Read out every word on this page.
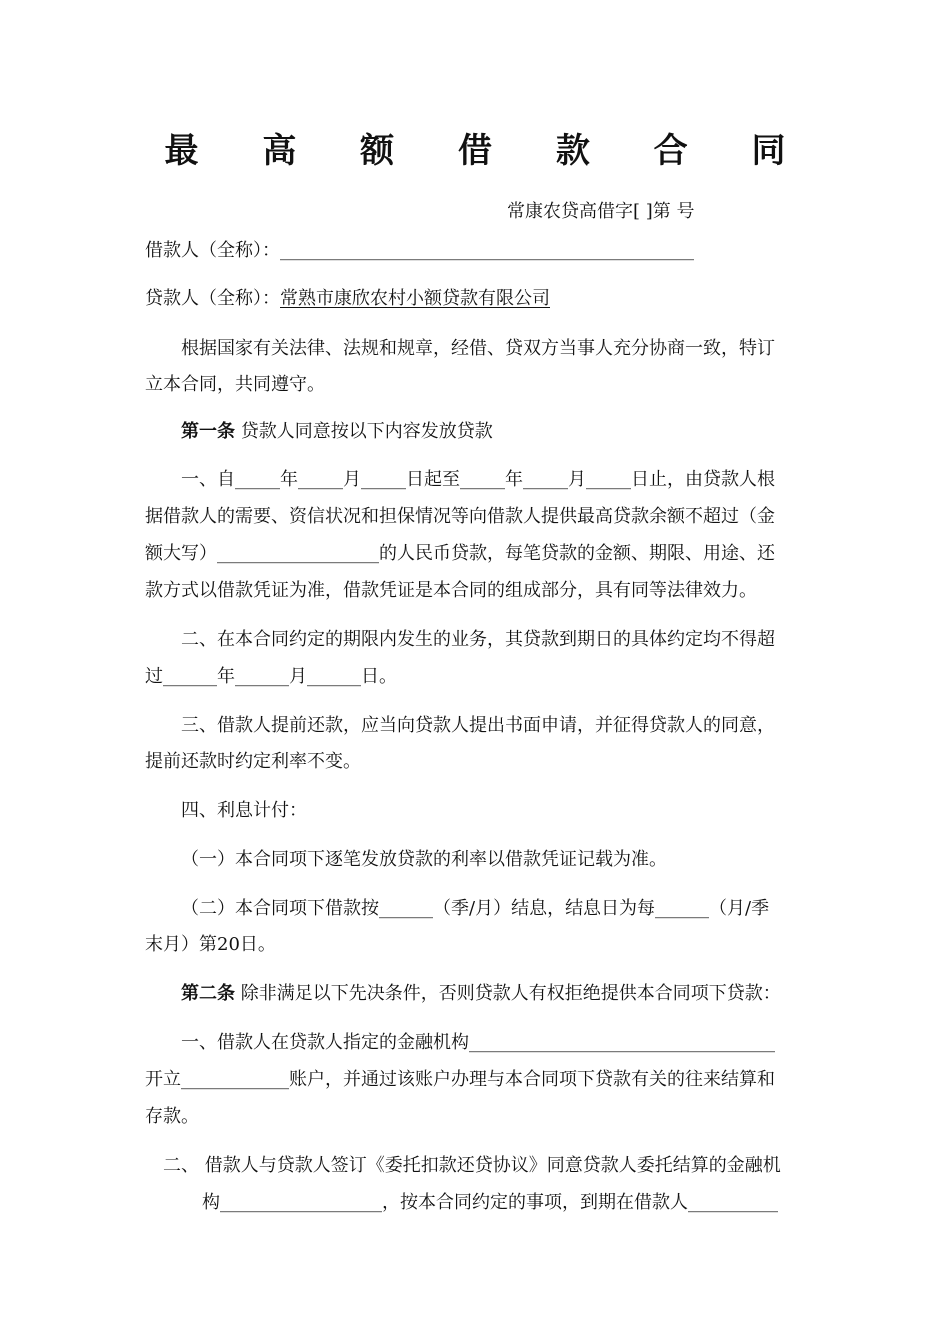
最 高 额 借 款 合 同
常康农贷高借字[ ]第 号
借款人（全称）：______________________________________________
贷款人（全称）：常熟市康欣农村小额贷款有限公司
根据国家有关法律、法规和规章，经借、贷双方当事人充分协商一致，特订
立本合同，共同遵守。
第一条 贷款人同意按以下内容发放贷款
一、自_____年_____月_____日起至_____年_____月_____日止，由贷款人根
据借款人的需要、资信状况和担保情况等向借款人提供最高贷款余额不超过（金
额大写）__________________的人民币贷款，每笔贷款的金额、期限、用途、还
款方式以借款凭证为准，借款凭证是本合同的组成部分，具有同等法律效力。
二、在本合同约定的期限内发生的业务，其贷款到期日的具体约定均不得超
过______年______月______日。
三、借款人提前还款，应当向贷款人提出书面申请，并征得贷款人的同意，
提前还款时约定利率不变。
四、利息计付：
（一）本合同项下逐笔发放贷款的利率以借款凭证记载为准。
（二）本合同项下借款按______（季/月）结息，结息日为每______（月/季
末月）第20日。
第二条 除非满足以下先决条件，否则贷款人有权拒绝提供本合同项下贷款：
一、借款人在贷款人指定的金融机构__________________________________
开立____________账户，并通过该账户办理与本合同项下贷款有关的往来结算和
存款。
二、 借款人与贷款人签订《委托扣款还贷协议》同意贷款人委托结算的金融机
构__________________，按本合同约定的事项，到期在借款人__________
